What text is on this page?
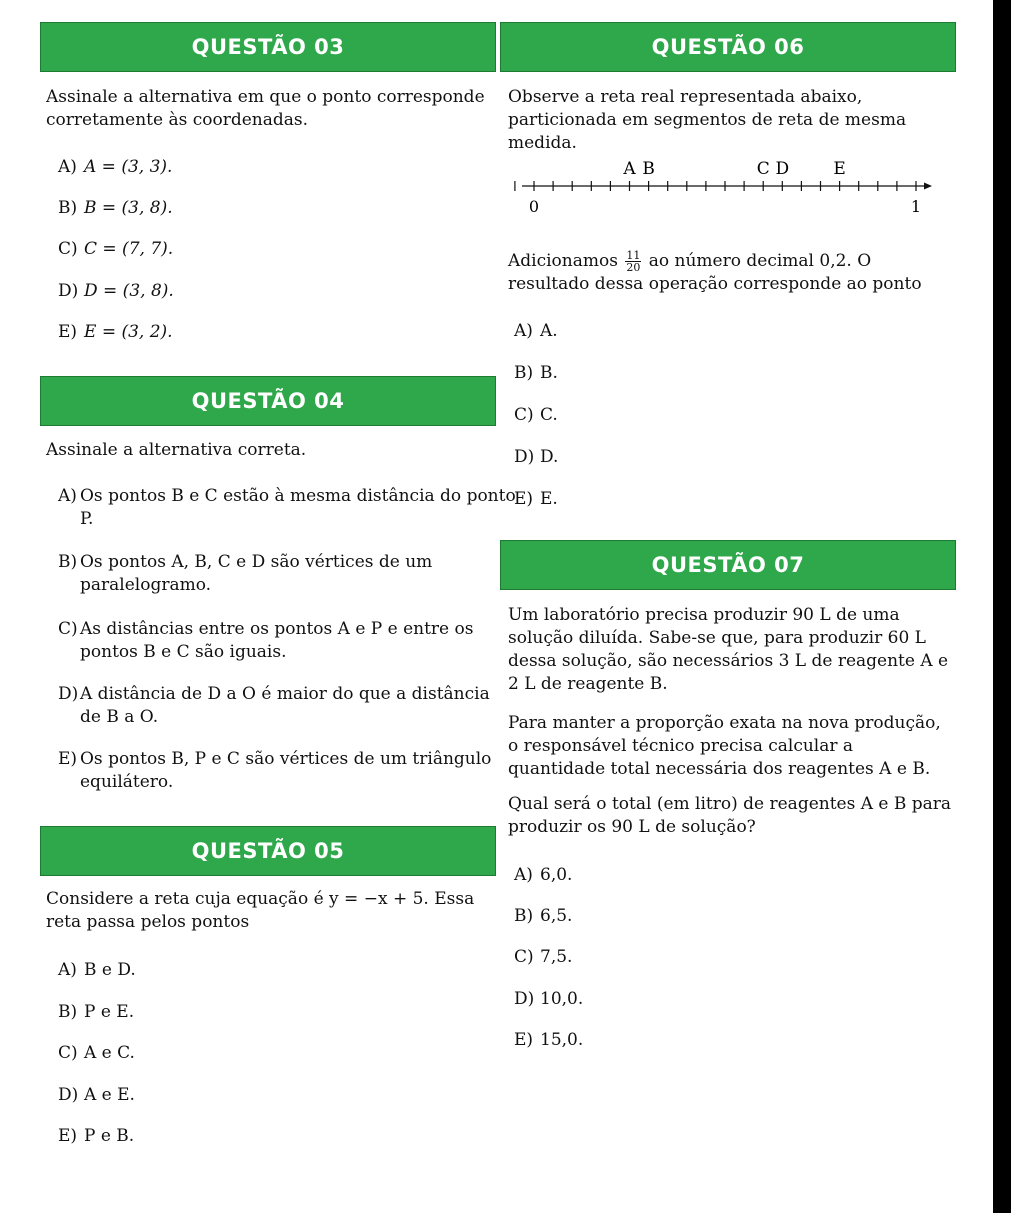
QUESTÃO 03
Assinale a alternativa em que o ponto corresponde corretamente às coordenadas.
A) A = (3, 3).
B) B = (3, 8).
C) C = (7, 7).
D) D = (3, 8).
E) E = (3, 2).
QUESTÃO 04
Assinale a alternativa correta.
A) Os pontos B e C estão à mesma distância do ponto P.
B) Os pontos A, B, C e D são vértices de um paralelogramo.
C) As distâncias entre os pontos A e P e entre os pontos B e C são iguais.
D) A distância de D a O é maior do que a distância de B a O.
E) Os pontos B, P e C são vértices de um triângulo equilátero.
QUESTÃO 05
Considere a reta cuja equação é y = −x + 5. Essa reta passa pelos pontos
A) B e D.
B) P e E.
C) A e C.
D) A e E.
E) P e B.
QUESTÃO 06
Observe a reta real representada abaixo, particionada em segmentos de reta de mesma medida.
A B	C D	E
0	1
Adicionamos $\frac{11}{20}$ ao número decimal 0,2. O resultado dessa operação corresponde ao ponto
A) A.
B) B.
C) C.
D) D.
E) E.
QUESTÃO 07
Um laboratório precisa produzir 90 L de uma solução diluída. Sabe-se que, para produzir 60 L dessa solução, são necessários 3 L de reagente A e 2 L de reagente B.
Para manter a proporção exata na nova produção, o responsável técnico precisa calcular a quantidade total necessária dos reagentes A e B.
Qual será o total (em litro) de reagentes A e B para produzir os 90 L de solução?
A) 6,0.
B) 6,5.
C) 7,5.
D) 10,0.
E) 15,0.
